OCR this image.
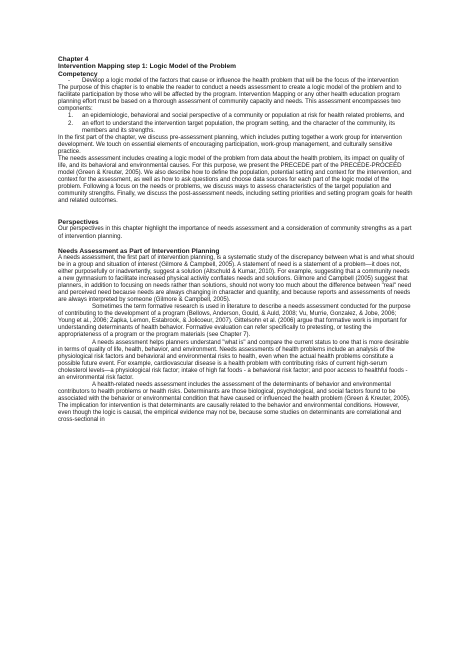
Chapter 4

Intervention Mapping step 1: Logic Model of the Problem

Competency

-	Develop a logic model of the factors that cause or influence the health problem that will be the focus of the intervention

The purpose of this chapter is to enable the reader to conduct a needs assessment to create a logic model of the problem and to facilitate participation by those who will be affected by the program. Intervention Mapping or any other health education program planning effort must be based on a thorough assessment of community capacity and needs. This assessment encompasses two components:

1.	an epidemiologic, behavioral and social perspective of a community or population at risk for health related problems, and
2.	an effort to understand the intervention target population, the program setting, and the character of the community, its members and its strengths.

In the first part of the chapter, we discuss pre-assessment planning, which includes putting together a work group for intervention development. We touch on essential elements of encouraging participation, work-group management, and culturally sensitive practice.

The needs assessment includes creating a logic model of the problem from data about the health problem, its impact on quality of life, and its behavioral and environmental causes. For this purpose, we present the PRECEDE part of the PRECEDE-PROCEED model (Green & Kreuter, 2005). We also describe how to define the population, potential setting and context for the intervention, and context for the assessment, as well as how to ask questions and choose data sources for each part of the logic model of the problem. Following a focus on the needs or problems, we discuss ways to assess characteristics of the target population and community strengths. Finally, we discuss the post-assessment needs, including setting priorities and setting program goals for health and related outcomes.

Perspectives

Our perspectives in this chapter highlight the importance of needs assessment and a consideration of community strengths as a part of intervention planning.

Needs Assessment as Part of Intervention Planning

A needs assessment, the first part of intervention planning, is a systematic study of the discrepancy between what is and what should be in a group and situation of interest (Gilmore & Campbell, 2005). A statement of need is a statement of a problem—it does not, either purposefully or inadvertently, suggest a solution (Altschuld & Kumar, 2010). For example, suggesting that a community needs a new gymnasium to facilitate increased physical activity conflates needs and solutions. Gilmore and Campbell (2005) suggest that planners, in addition to focusing on needs rather than solutions, should not worry too much about the difference between "real" need and perceived need because needs are always changing in character and quantity, and because reports and assessments of needs are always interpreted by someone (Gilmore & Campbell, 2005).

Sometimes the term formative research is used in literature to describe a needs assessment conducted for the purpose of contributing to the development of a program (Bellows, Anderson, Gould, & Auld, 2008; Vu, Murrie, Gonzalez, & Jobe, 2006; Young et al., 2006; Zapka, Lemon, Estabrook, & Jolicoeur, 2007). Gittelsohn et al. (2006) argue that formative work is important for understanding determinants of health behavior. Formative evaluation can refer specifically to pretesting, or testing the appropriateness of a program or the program materials (see Chapter 7).

A needs assessment helps planners understand "what is" and compare the current status to one that is more desirable in terms of quality of life, health, behavior, and environment. Needs assessments of health problems include an analysis of the physiological risk factors and behavioral and environmental risks to health, even when the actual health problems constitute a possible future event. For example, cardiovascular disease is a health problem with contributing risks of current high-serum cholesterol levels—a physiological risk factor; intake of high fat foods - a behavioral risk factor; and poor access to healthful foods - an environmental risk factor.

A health-related needs assessment includes the assessment of the determinants of behavior and environmental contributors to health problems or health risks. Determinants are those biological, psychological, and social factors found to be associated with the behavior or environmental condition that have caused or influenced the health problem (Green & Kreuter, 2005). The implication for intervention is that determinants are causally related to the behavior and environmental conditions. However, even though the logic is causal, the empirical evidence may not be, because some studies on determinants are correlational and cross-sectional in
